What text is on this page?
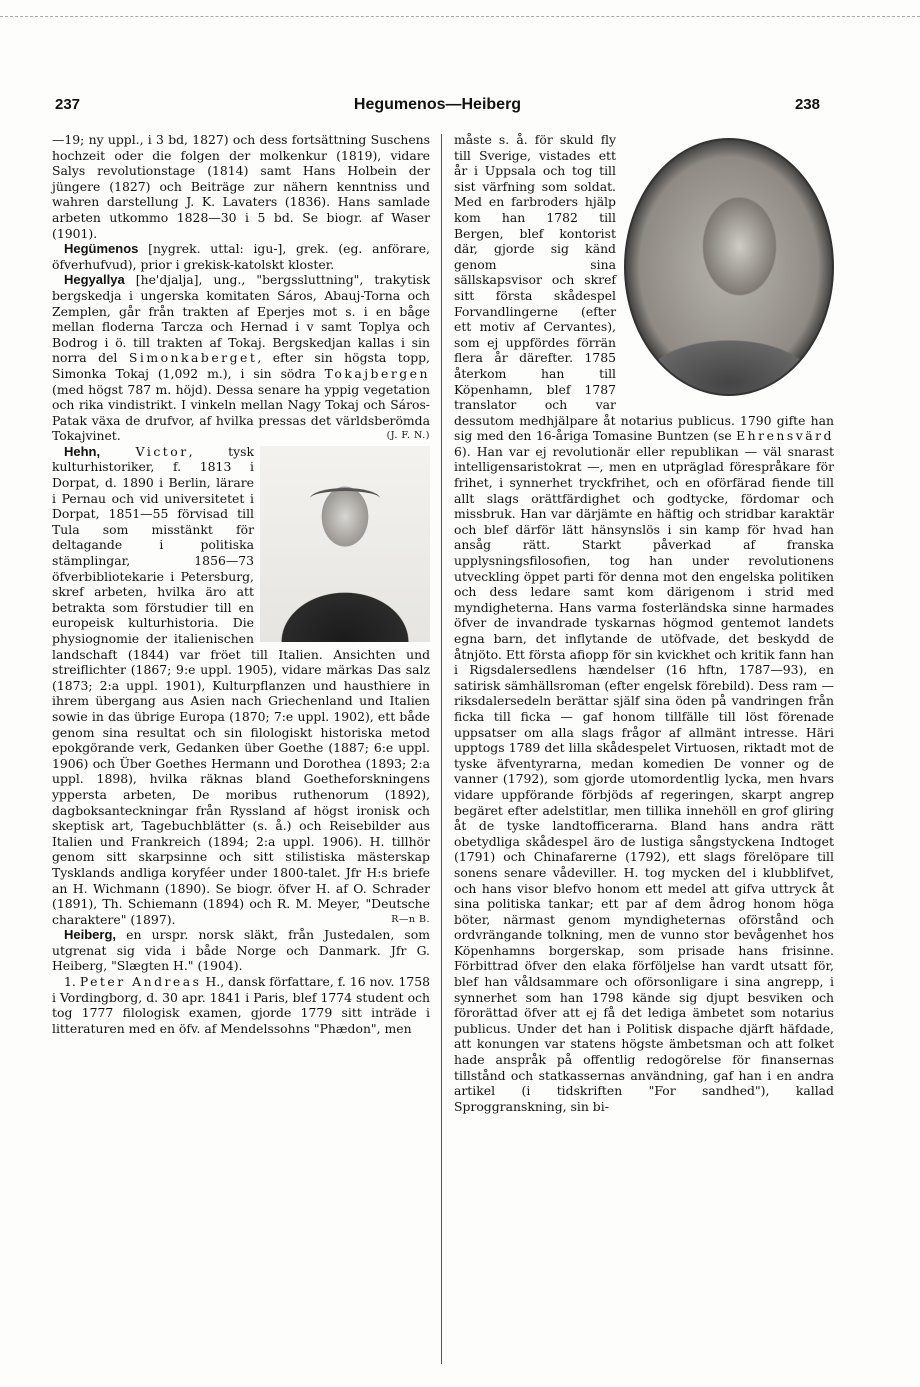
237	Hegumenos—Heiberg	238

—19; ny uppl., i 3 bd, 1827) och dess fortsättning Suschens hochzeit oder die folgen der molkenkur (1819), vidare Salys revolutionstage (1814) samt Hans Holbein der jüngere (1827) och Beiträge zur nähern kenntniss und wahren darstellung J. K. Lavaters (1836). Hans samlade arbeten utkommo 1828—30 i 5 bd. Se biogr. af Waser (1901).

Hegümenos [nygrek. uttal: igu-], grek. (eg. anförare, öfverhufvud), prior i grekisk-katolskt kloster.

Hegyallya [he'djalja], ung., "bergssluttning", trakytisk bergskedja i ungerska komitaten Sáros, Abauj-Torna och Zemplen, går från trakten af Eperjes mot s. i en båge mellan floderna Tarcza och Hernad i v samt Toplya och Bodrog i ö. till trakten af Tokaj. Bergskedjan kallas i sin norra del Simonkaberget, efter sin högsta topp, Simonka Tokaj (1,092 m.), i sin södra Tokajbergen (med högst 787 m. höjd). Dessa senare ha yppig vegetation och rika vindistrikt. I vinkeln mellan Nagy Tokaj och Sáros-Patak växa de drufvor, af hvilka pressas det världsberömda Tokajvinet.	(J. F. N.)

Hehn,	Victor
, tysk kulturhistoriker, f. 1813 i Dorpat, d. 1890 i Berlin, lärare i Pernau och vid universitetet i Dorpat, 1851—55 förvisad till Tula som misstänkt för deltagande i politiska stämplingar, 1856—73 öfverbibliotekarie i Petersburg, skref arbeten, hvilka äro att betrakta som förstudier till en europeisk kulturhistoria. Die physiognomie der italienischen landschaft (1844) var fröet till Italien. Ansichten und streiflichter (1867; 9:e uppl. 1905), vidare märkas Das salz (1873; 2:a uppl. 1901), Kulturpflanzen und hausthiere in ihrem übergang aus Asien nach Griechenland und Italien sowie in das übrige Europa (1870; 7:e uppl. 1902), ett både genom sina resultat och sin filologiskt historiska metod epokgörande verk, Gedanken über Goethe (1887; 6:e uppl. 1906) och Über Goethes Hermann und Dorothea (1893; 2:a uppl. 1898), hvilka räknas bland Goetheforskningens yppersta arbeten, De moribus ruthenorum (1892), dagboksanteckningar från Ryssland af högst ironisk och skeptisk art, Tagebuchblätter (s. å.) och Reisebilder aus Italien und Frankreich (1894; 2:a uppl. 1906). H. tillhör genom sitt skarpsinne och sitt stilistiska mästerskap Tysklands andliga koryféer under 1800-talet. Jfr H:s briefe an H. Wichmann (1890). Se biogr. öfver H. af O. Schrader (1891), Th. Schiemann (1894) och R. M. Meyer, "Deutsche charaktere" (1897).	R—n B.

Heiberg, en urspr. norsk släkt, från Justedalen, som utgrenat sig vida i både Norge och Danmark. Jfr G. Heiberg, "Slægten H." (1904).

1. Peter Andreas H., dansk författare, f. 16 nov. 1758 i Vordingborg, d. 30 apr. 1841 i Paris, blef 1774 student och tog 1777 filologisk examen, gjorde 1779 sitt inträde i litteraturen med en öfv. af Mendelssohns "Phædon", men

måste s. å. för skuld fly till Sverige, vistades ett år i Uppsala och tog till sist värfning som soldat. Med en farbroders hjälp kom han 1782 till Bergen, blef kontorist där, gjorde sig känd genom sina sällskapsvisor och skref sitt första skådespel Forvandlingerne (efter ett motiv af Cervantes), som ej uppfördes förrän flera år därefter. 1785 återkom han till Köpenhamn, blef 1787 translator och var dessutom medhjälpare åt notarius publicus. 1790 gifte han sig med den 16-åriga Tomasine Buntzen (se Ehrensvärd 6). Han var ej revolutionär eller republikan — väl snarast intelligensaristokrat —, men en utpräglad förespråkare för frihet, i synnerhet tryckfrihet, och en oförfärad fiende till allt slags orättfärdighet och godtycke, fördomar och missbruk. Han var därjämte en häftig och stridbar karaktär och blef därför lätt hänsynslös i sin kamp för hvad han ansåg rätt. Starkt påverkad af franska upplysningsfilosofien, tog han under revolutionens utveckling öppet parti för denna mot den engelska politiken och dess ledare samt kom därigenom i strid med myndigheterna. Hans varma fosterländska sinne harmades öfver de invandrade tyskarnas högmod gentemot landets egna barn, det inflytande de utöfvade, det beskydd de åtnjöto. Ett första afiopp för sin kvickhet och kritik fann han i Rigsdalersedlens hændelser (16 hftn, 1787—93), en satirisk sämhällsroman (efter engelsk förebild). Dess ram — riksdalersedeln berättar själf sina öden på vandringen från ficka till ficka — gaf honom tillfälle till löst förenade uppsatser om alla slags frågor af allmänt intresse. Häri upptogs 1789 det lilla skådespelet Virtuosen, riktadt mot de tyske äfventyrarna, medan komedien De vonner og de vanner (1792), som gjorde utomordentlig lycka, men hvars vidare uppförande förbjöds af regeringen, skarpt angrep begäret efter adelstitlar, men tillika innehöll en grof gliring åt de tyske landtofficerarna. Bland hans andra rätt obetydliga skådespel äro de lustiga sångstyckena Indtoget (1791) och Chinafarerne (1792), ett slags förelöpare till sonens senare vådeviller. H. tog mycken del i klubblifvet, och hans visor blefvo honom ett medel att gifva uttryck åt sina politiska tankar; ett par af dem ådrog honom höga böter, närmast genom myndigheternas oförstånd och ordvrängande tolkning, men de vunno stor bevågenhet hos Köpenhamns borgerskap, som prisade hans frisinne. Förbittrad öfver den elaka förföljelse han vardt utsatt för, blef han våldsammare och oförsonligare i sina angrepp, i synnerhet som han 1798 kände sig djupt besviken och förorättad öfver att ej få det lediga ämbetet som notarius publicus. Under det han i Politisk dispache djärft häfdade, att konungen var statens högste ämbetsman och att folket hade anspråk på offentlig redogörelse för finansernas tillstånd och statkassernas användning, gaf han i en andra artikel (i tidskriften "For sandhed"), kallad Sproggranskning, sin bi-
